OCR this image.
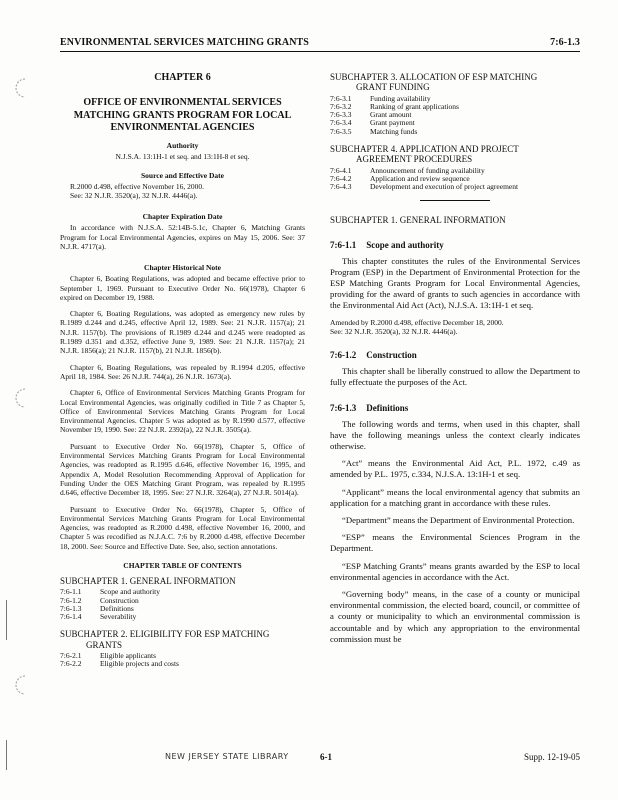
ENVIRONMENTAL SERVICES MATCHING GRANTS	7:6-1.3

CHAPTER 6

OFFICE OF ENVIRONMENTAL SERVICES
MATCHING GRANTS PROGRAM FOR LOCAL
ENVIRONMENTAL AGENCIES

Authority

N.J.S.A. 13:1H-1 et seq. and 13:1H-8 et seq.

Source and Effective Date

R.2000 d.498, effective November 16, 2000.

See: 32 N.J.R. 3520(a), 32 N.J.R. 4446(a).

Chapter Expiration Date

In accordance with N.J.S.A. 52:14B-5.1c, Chapter 6, Matching Grants Program for Local Environmental Agencies, expires on May 15, 2006. See: 37 N.J.R. 4717(a).

Chapter Historical Note

Chapter 6, Boating Regulations, was adopted and became effective prior to September 1, 1969. Pursuant to Executive Order No. 66(1978), Chapter 6 expired on December 19, 1988.

Chapter 6, Boating Regulations, was adopted as emergency new rules by R.1989 d.244 and d.245, effective April 12, 1989. See: 21 N.J.R. 1157(a); 21 N.J.R. 1157(b). The provisions of R.1989 d.244 and d.245 were readopted as R.1989 d.351 and d.352, effective June 9, 1989. See: 21 N.J.R. 1157(a); 21 N.J.R. 1856(a); 21 N.J.R. 1157(b), 21 N.J.R. 1856(b).

Chapter 6, Boating Regulations, was repealed by R.1994 d.205, effective April 18, 1984. See: 26 N.J.R. 744(a), 26 N.J.R. 1673(a).

Chapter 6, Office of Environmental Services Matching Grants Program for Local Environmental Agencies, was originally codified in Title 7 as Chapter 5, Office of Environmental Services Matching Grants Program for Local Environmental Agencies. Chapter 5 was adopted as by R.1990 d.577, effective November 19, 1990. See: 22 N.J.R. 2392(a), 22 N.J.R. 3505(a).

Pursuant to Executive Order No. 66(1978), Chapter 5, Office of Environmental Services Matching Grants Program for Local Environmental Agencies, was readopted as R.1995 d.646, effective November 16, 1995, and Appendix A, Model Resolution Recommending Approval of Application for Funding Under the OES Matching Grant Program, was repealed by R.1995 d.646, effective December 18, 1995. See: 27 N.J.R. 3264(a), 27 N.J.R. 5014(a).

Pursuant to Executive Order No. 66(1978), Chapter 5, Office of Environmental Services Matching Grants Program for Local Environmental Agencies, was readopted as R.2000 d.498, effective November 16, 2000, and Chapter 5 was recodified as N.J.A.C. 7:6 by R.2000 d.498, effective December 18, 2000. See: Source and Effective Date. See, also, section annotations.

CHAPTER TABLE OF CONTENTS

SUBCHAPTER 1. GENERAL INFORMATION
7:6-1.1	Scope and authority
7:6-1.2	Construction
7:6-1.3	Definitions
7:6-1.4	Severability
SUBCHAPTER 2. ELIGIBILITY FOR ESP MATCHING
GRANTS
7:6-2.1	Eligible applicants
7:6-2.2	Eligible projects and costs
SUBCHAPTER 3. ALLOCATION OF ESP MATCHING
GRANT FUNDING
7:6-3.1	Funding availability
7:6-3.2	Ranking of grant applications
7:6-3.3	Grant amount
7:6-3.4	Grant payment
7:6-3.5	Matching funds
SUBCHAPTER 4. APPLICATION AND PROJECT
AGREEMENT PROCEDURES
7:6-4.1	Announcement of funding availability
7:6-4.2	Application and review sequence
7:6-4.3	Development and execution of project agreement

SUBCHAPTER 1. GENERAL INFORMATION

7:6-1.1 Scope and authority

This chapter constitutes the rules of the Environmental Services Program (ESP) in the Department of Environmental Protection for the ESP Matching Grants Program for Local Environmental Agencies, providing for the award of grants to such agencies in accordance with the Environmental Aid Act (Act), N.J.S.A. 13:1H-1 et seq.

Amended by R.2000 d.498, effective December 18, 2000.
See: 32 N.J.R. 3520(a), 32 N.J.R. 4446(a).

7:6-1.2 Construction

This chapter shall be liberally construed to allow the Department to fully effectuate the purposes of the Act.

7:6-1.3 Definitions

The following words and terms, when used in this chapter, shall have the following meanings unless the context clearly indicates otherwise.

“Act” means the Environmental Aid Act, P.L. 1972, c.49 as amended by P.L. 1975, c.334, N.J.S.A. 13:1H-1 et seq.

“Applicant” means the local environmental agency that submits an application for a matching grant in accordance with these rules.

“Department” means the Department of Environmental Protection.

“ESP” means the Environmental Sciences Program in the Department.

“ESP Matching Grants” means grants awarded by the ESP to local environmental agencies in accordance with the Act.

“Governing body” means, in the case of a county or municipal environmental commission, the elected board, council, or committee of a county or municipality to which an environmental commission is accountable and by which any appropriation to the environmental commission must be

NEW JERSEY STATE LIBRARY	6-1	Supp. 12-19-05
